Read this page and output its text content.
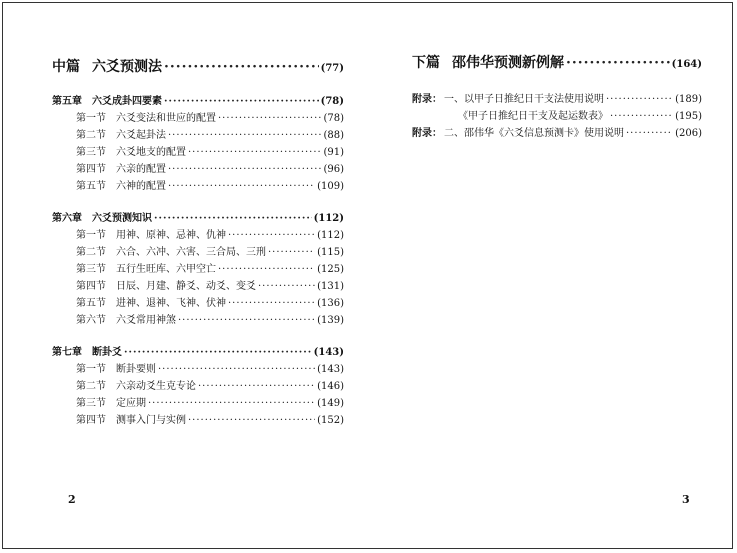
中篇 六爻预测法 ·····	(77)
第五章 六爻成卦四要素 ·····	(78)
第一节 六爻变法和世应的配置 ·····	(78)
第二节 六爻起卦法 ·····	(88)
第三节 六爻地支的配置 ·····	(91)
第四节 六亲的配置 ·····	(96)
第五节 六神的配置 ·····	(109)
第六章 六爻预测知识 ·····	(112)
第一节 用神、原神、忌神、仇神 ·····	(112)
第二节 六合、六冲、六害、三合局、三刑 ·····	(115)
第三节 五行生旺库、六甲空亡 ·····	(125)
第四节 日辰、月建、静爻、动爻、变爻 ·····	(131)
第五节 进神、退神、飞神、伏神 ·····	(136)
第六节 六爻常用神煞 ·····	(139)
第七章 断卦爻 ·····	(143)
第一节 断卦要则 ·····	(143)
第二节 六亲动爻生克专论 ·····	(146)
第三节 定应期 ·····	(149)
第四节 测事入门与实例 ·····	(152)
2
下篇 邵伟华预测新例解 ·····	(164)
附录： 一、以甲子日推纪日干支法使用说明 ·····	(189)
《甲子日推纪日干支及起运数表》 ·····	(195)
附录： 二、邵伟华《六爻信息预测卡》使用说明 ·····	(206)
3
